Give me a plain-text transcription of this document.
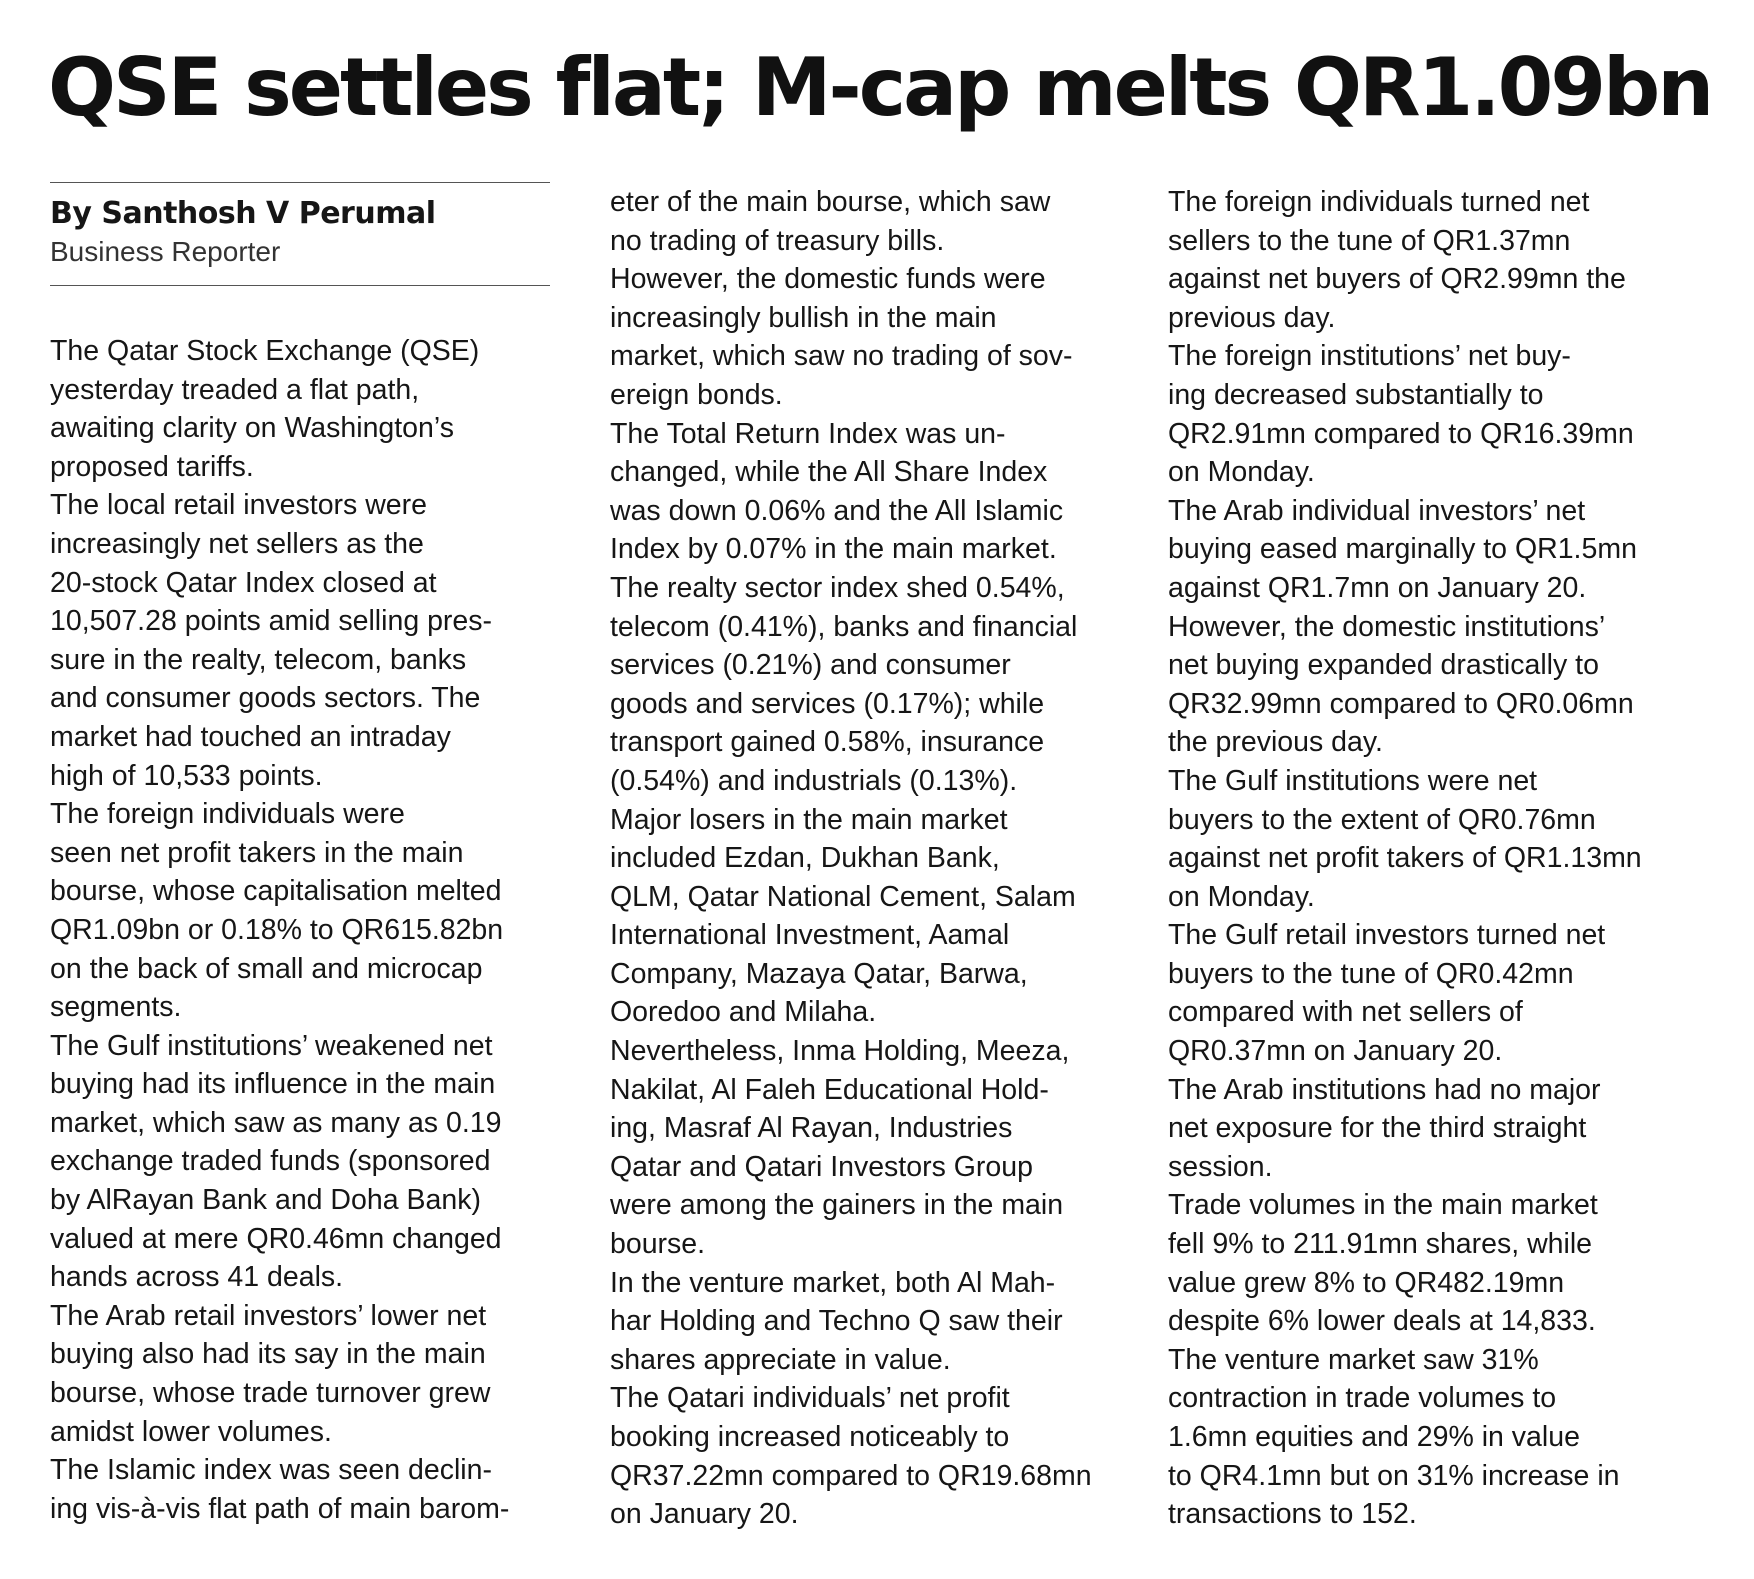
QSE settles flat; M-cap melts QR1.09bn
By Santhosh V Perumal
Business Reporter
The Qatar Stock Exchange (QSE)
yesterday treaded a flat path,
awaiting clarity on Washington’s
proposed tariffs.
The local retail investors were
increasingly net sellers as the
20-stock Qatar Index closed at
10,507.28 points amid selling pres-
sure in the realty, telecom, banks
and consumer goods sectors. The
market had touched an intraday
high of 10,533 points.
The foreign individuals were
seen net profit takers in the main
bourse, whose capitalisation melted
QR1.09bn or 0.18% to QR615.82bn
on the back of small and microcap
segments.
The Gulf institutions’ weakened net
buying had its influence in the main
market, which saw as many as 0.19
exchange traded funds (sponsored
by AlRayan Bank and Doha Bank)
valued at mere QR0.46mn changed
hands across 41 deals.
The Arab retail investors’ lower net
buying also had its say in the main
bourse, whose trade turnover grew
amidst lower volumes.
The Islamic index was seen declin-
ing vis-à-vis flat path of main barom-
eter of the main bourse, which saw
no trading of treasury bills.
However, the domestic funds were
increasingly bullish in the main
market, which saw no trading of sov-
ereign bonds.
The Total Return Index was un-
changed, while the All Share Index
was down 0.06% and the All Islamic
Index by 0.07% in the main market.
The realty sector index shed 0.54%,
telecom (0.41%), banks and financial
services (0.21%) and consumer
goods and services (0.17%); while
transport gained 0.58%, insurance
(0.54%) and industrials (0.13%).
Major losers in the main market
included Ezdan, Dukhan Bank,
QLM, Qatar National Cement, Salam
International Investment, Aamal
Company, Mazaya Qatar, Barwa,
Ooredoo and Milaha.
Nevertheless, Inma Holding, Meeza,
Nakilat, Al Faleh Educational Hold-
ing, Masraf Al Rayan, Industries
Qatar and Qatari Investors Group
were among the gainers in the main
bourse.
In the venture market, both Al Mah-
har Holding and Techno Q saw their
shares appreciate in value.
The Qatari individuals’ net profit
booking increased noticeably to
QR37.22mn compared to QR19.68mn
on January 20.
The foreign individuals turned net
sellers to the tune of QR1.37mn
against net buyers of QR2.99mn the
previous day.
The foreign institutions’ net buy-
ing decreased substantially to
QR2.91mn compared to QR16.39mn
on Monday.
The Arab individual investors’ net
buying eased marginally to QR1.5mn
against QR1.7mn on January 20.
However, the domestic institutions’
net buying expanded drastically to
QR32.99mn compared to QR0.06mn
the previous day.
The Gulf institutions were net
buyers to the extent of QR0.76mn
against net profit takers of QR1.13mn
on Monday.
The Gulf retail investors turned net
buyers to the tune of QR0.42mn
compared with net sellers of
QR0.37mn on January 20.
The Arab institutions had no major
net exposure for the third straight
session.
Trade volumes in the main market
fell 9% to 211.91mn shares, while
value grew 8% to QR482.19mn
despite 6% lower deals at 14,833.
The venture market saw 31%
contraction in trade volumes to
1.6mn equities and 29% in value
to QR4.1mn but on 31% increase in
transactions to 152.
